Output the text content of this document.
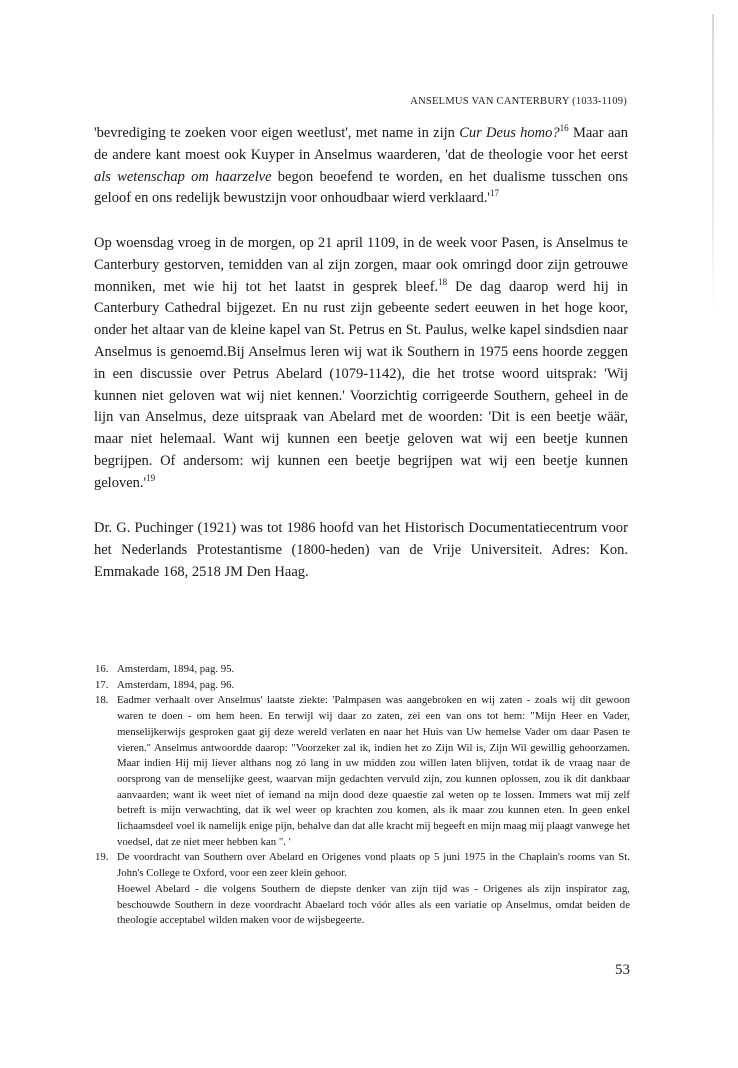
ANSELMUS VAN CANTERBURY (1033-1109)
'bevrediging te zoeken voor eigen weetlust', met name in zijn Cur Deus homo?$^{16}$ Maar aan de andere kant moest ook Kuyper in Anselmus waarderen, 'dat de theologie voor het eerst als wetenschap om haarzelve begon beoefend te worden, en het dualisme tusschen ons geloof en ons redelijk bewustzijn voor onhoudbaar wierd $verklaard.'^{17}$
Op woensdag vroeg in de morgen, op 21 april 1109, in de week voor Pasen, is Anselmus te Canterbury gestorven, temidden van al zijn zorgen, maar ook omringd door zijn getrouwe monniken, met wie hij tot het laatst in gesprek bleef.$^{18}$ De dag daarop werd hij in Canterbury Cathedral bijgezet. En nu rust zijn gebeente sedert eeuwen in het hoge koor, onder het altaar van de kleine kapel van St. Petrus en St. Paulus, welke kapel sindsdien naar Anselmus is genoemd.Bij Anselmus leren wij wat ik Southern in 1975 eens hoorde zeggen in een discussie over Petrus Abelard (1079-1142), die het trotse woord uitsprak: 'Wij kunnen niet geloven wat wij niet kennen.' Voorzichtig corrigeerde Southern, geheel in de lijn van Anselmus, deze uitspraak van Abelard met de woorden: 'Dit is een beetje wäär, maar niet helemaal. Want wij kunnen een beetje geloven wat wij een beetje kunnen begrijpen. Of andersom: wij kunnen een beetje begrijpen wat wij een beetje kunnen $geloven.'^{19}$
Dr. G. Puchinger (1921) was tot 1986 hoofd van het Historisch Documentatiecentrum voor het Nederlands Protestantisme (1800-heden) van de Vrije Universiteit. Adres: Kon. Emmakade 168, 2518 JM Den Haag.
16. Amsterdam, 1894, pag. 95.
17. Amsterdam, 1894, pag. 96.
18. Eadmer verhaalt over Anselmus' laatste ziekte: 'Palmpasen was aangebroken en wij zaten - zoals wij dit gewoon waren te doen - om hem heen. En terwijl wij daar zo zaten, zei een van ons tot hem: "Mijn Heer en Vader, menselijkerwijs gesproken gaat gij deze wereld verlaten en naar het Huis van Uw hemelse Vader om daar Pasen te vieren." Anselmus antwoordde daarop: "Voorzeker zal ik, indien het zo Zijn Wil is, Zijn Wil gewillig gehoorzamen. Maar indien Hij mij liever althans nog zó lang in uw midden zou willen laten blijven, totdat ik de vraag naar de oorsprong van de menselijke geest, waarvan mijn gedachten vervuld zijn, zou kunnen oplossen, zou ik dit dankbaar aanvaarden; want ik weet niet of iemand na mijn dood deze quaestie zal weten op te lossen. Immers wat mij zelf betreft is mijn verwachting, dat ik wel weer op krachten zou komen, als ik maar zou kunnen eten. In geen enkel lichaamsdeel voel ik namelijk enige pijn, behalve dan dat alle kracht mij begeeft en mijn maag mij plaagt vanwege het voedsel, dat ze niet meer hebben kan ". '
19. De voordracht van Southern over Abelard en Origenes vond plaats op 5 juni 1975 in the Chaplain's rooms van St. John's College te Oxford, voor een zeer klein gehoor.
Hoewel Abelard - die volgens Southern de diepste denker van zijn tijd was - Origenes als zijn inspirator zag, beschouwde Southern in deze voordracht Abaelard toch vóór alles als een variatie op Anselmus, omdat beiden de theologie acceptabel wilden maken voor de wijsbegeerte.
53
